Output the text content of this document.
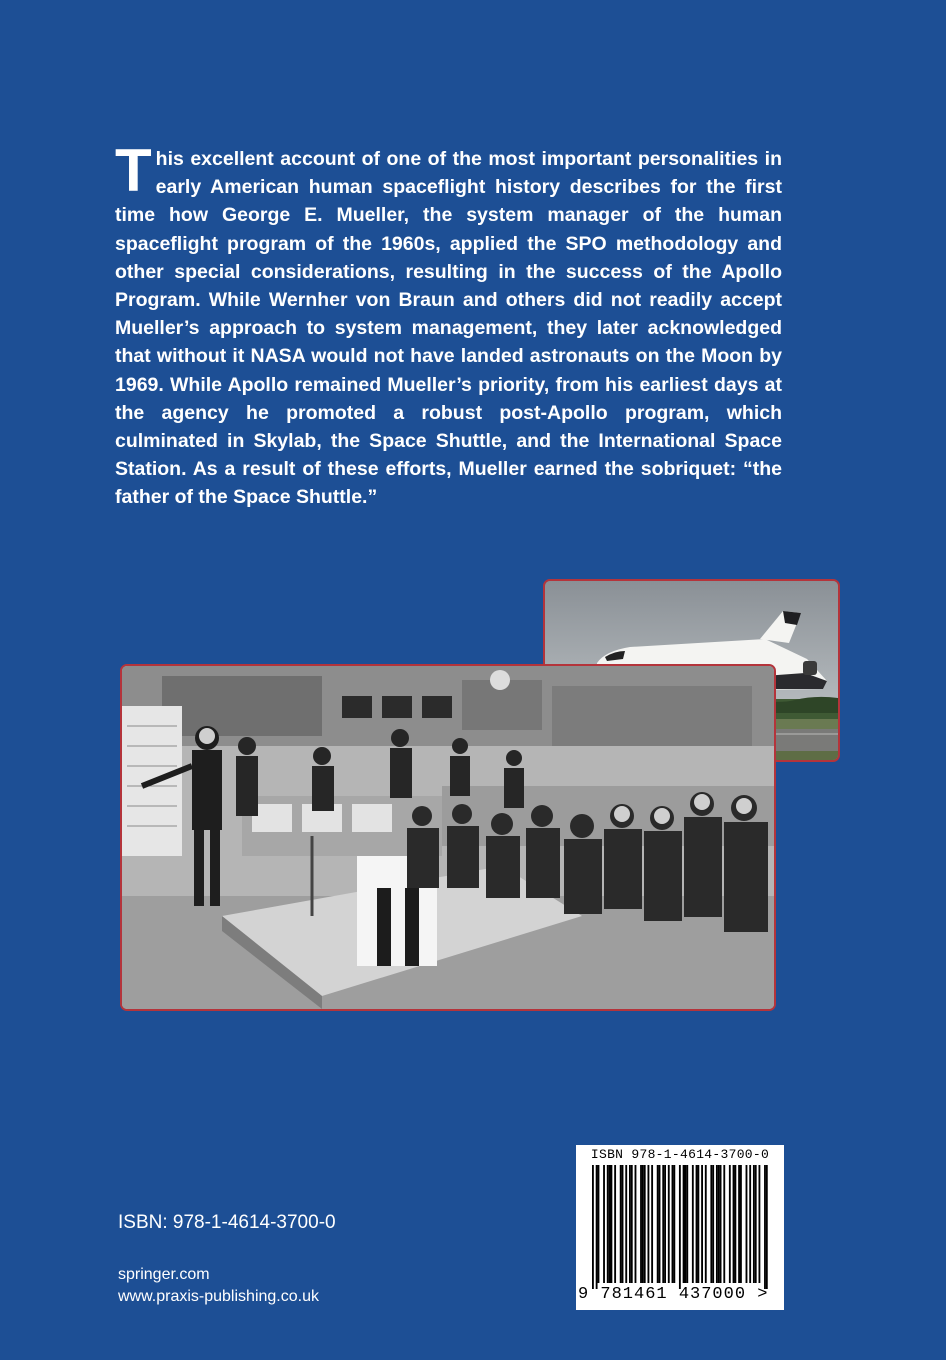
This excellent account of one of the most important personalities in early American human spaceflight history describes for the first time how George E. Mueller, the system manager of the human spaceflight program of the 1960s, applied the SPO methodology and other special considerations, resulting in the success of the Apollo Program. While Wernher von Braun and others did not readily accept Mueller’s approach to system management, they later acknowledged that without it NASA would not have landed astronauts on the Moon by 1969. While Apollo remained Mueller’s priority, from his earliest days at the agency he promoted a robust post-Apollo program, which culminated in Skylab, the Space Shuttle, and the International Space Station. As a result of these efforts, Mueller earned the sobriquet: “the father of the Space Shuttle.”

ISBN: 978-1-4614-3700-0

springer.com

www.praxis-publishing.co.uk

ISBN 978-1-4614-3700-0
9 781461 437000 >
